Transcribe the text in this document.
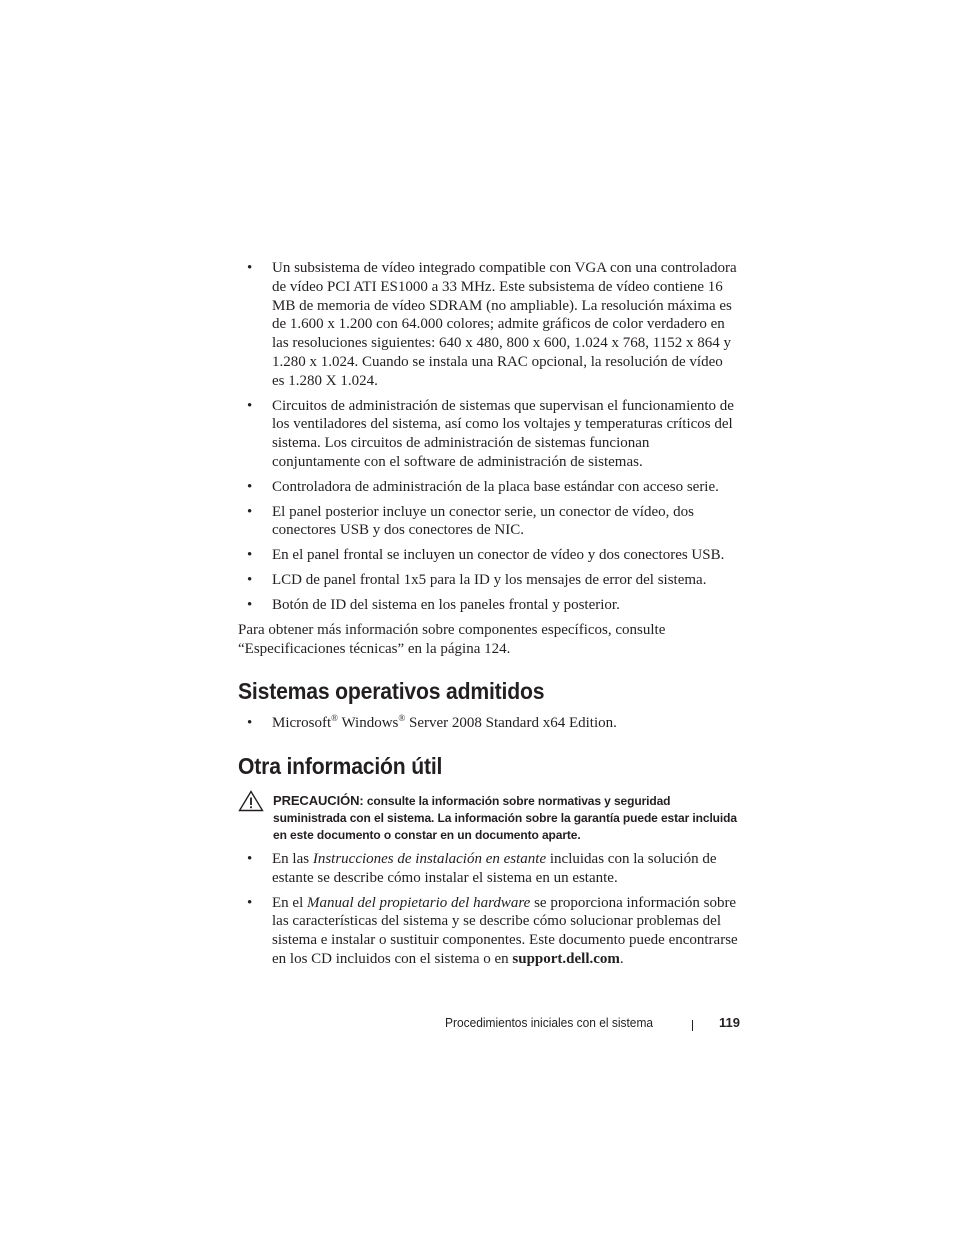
• Un subsistema de vídeo integrado compatible con VGA con una controladora de vídeo PCI ATI ES1000 a 33 MHz. Este subsistema de vídeo contiene 16 MB de memoria de vídeo SDRAM (no ampliable). La resolución máxima es de 1.600 x 1.200 con 64.000 colores; admite gráficos de color verdadero en las resoluciones siguientes: 640 x 480, 800 x 600, 1.024 x 768, 1152 x 864 y 1.280 x 1.024. Cuando se instala una RAC opcional, la resolución de vídeo es 1.280 X 1.024.
• Circuitos de administración de sistemas que supervisan el funcionamiento de los ventiladores del sistema, así como los voltajes y temperaturas críticos del sistema. Los circuitos de administración de sistemas funcionan conjuntamente con el software de administración de sistemas.
• Controladora de administración de la placa base estándar con acceso serie.
• El panel posterior incluye un conector serie, un conector de vídeo, dos conectores USB y dos conectores de NIC.
• En el panel frontal se incluyen un conector de vídeo y dos conectores USB.
• LCD de panel frontal 1x5 para la ID y los mensajes de error del sistema.
• Botón de ID del sistema en los paneles frontal y posterior.

Para obtener más información sobre componentes específicos, consulte “Especificaciones técnicas” en la página 124.

Sistemas operativos admitidos
• Microsoft® Windows® Server 2008 Standard x64 Edition.
Otra información útil
PRECAUCIÓN: consulte la información sobre normativas y seguridad suministrada con el sistema. La información sobre la garantía puede estar incluida en este documento o constar en un documento aparte.
• En las Instrucciones de instalación en estante incluidas con la solución de estante se describe cómo instalar el sistema en un estante.
• En el Manual del propietario del hardware se proporciona información sobre las características del sistema y se describe cómo solucionar problemas del sistema e instalar o sustituir componentes. Este documento puede encontrarse en los CD incluidos con el sistema o en support.dell.com.
Procedimientos iniciales con el sistema	119
